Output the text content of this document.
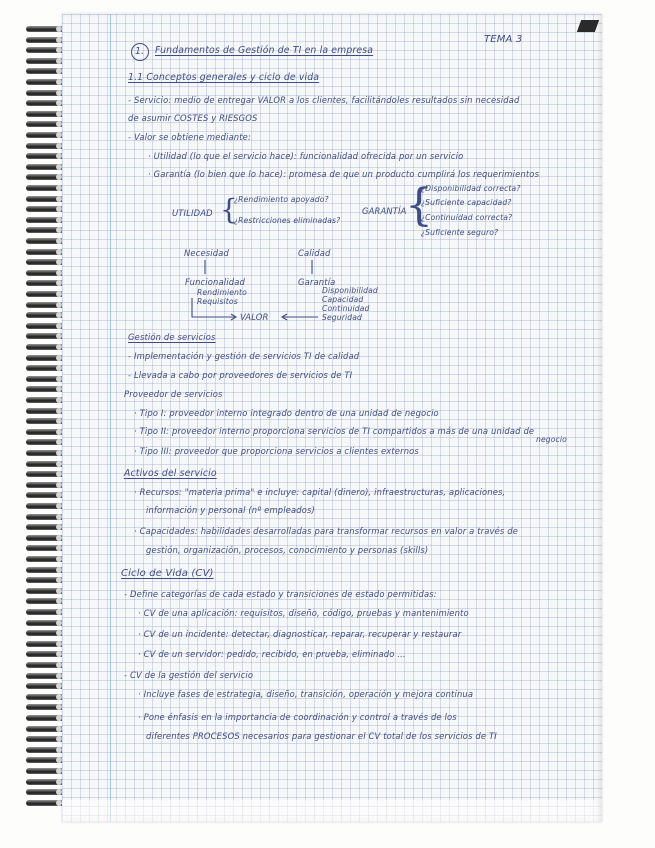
TEMA 3
1. Fundamentos de Gestión de TI en la empresa
1.1 Conceptos generales y ciclo de vida
- Servicio: medio de entregar VALOR a los clientes, facilitándoles resultados sin necesidad
de asumir COSTES y RIESGOS
- Valor se obtiene mediante:
· Utilidad (lo que el servicio hace): funcionalidad ofrecida por un servicio
· Garantía (lo bien que lo hace): promesa de que un producto cumplirá los requerimientos
UTILIDAD {
¿Rendimiento apoyado?
¿Restricciones eliminadas?
GARANTÍA
{
¿Disponibilidad correcta?
¿Suficiente capacidad?
¿Continuidad correcta?
¿Suficiente seguro?
Necesidad
Funcionalidad
Rendimiento
Requisitos
Calidad
Garantía
Disponibilidad
Capacidad
Continuidad
Seguridad
VALOR
Gestión de servicios
- Implementación y gestión de servicios TI de calidad
- Llevada a cabo por proveedores de servicios de TI
Proveedor de servicios
· Tipo I: proveedor interno integrado dentro de una unidad de negocio
· Tipo II: proveedor interno proporciona servicios de TI compartidos a más de una unidad de
negocio
· Tipo III: proveedor que proporciona servicios a clientes externos
Activos del servicio
· Recursos: "materia prima" e incluye: capital (dinero), infraestructuras, aplicaciones,
información y personal (nº empleados)
· Capacidades: habilidades desarrolladas para transformar recursos en valor a través de
gestión, organización, procesos, conocimiento y personas (skills)
Ciclo de Vida (CV)
- Define categorías de cada estado y transiciones de estado permitidas:
· CV de una aplicación: requisitos, diseño, código, pruebas y mantenimiento
· CV de un incidente: detectar, diagnosticar, reparar, recuperar y restaurar
· CV de un servidor: pedido, recibido, en prueba, eliminado ...
- CV de la gestión del servicio
· Incluye fases de estrategia, diseño, transición, operación y mejora continua
· Pone énfasis en la importancia de coordinación y control a través de los
diferentes PROCESOS necesarios para gestionar el CV total de los servicios de TI
